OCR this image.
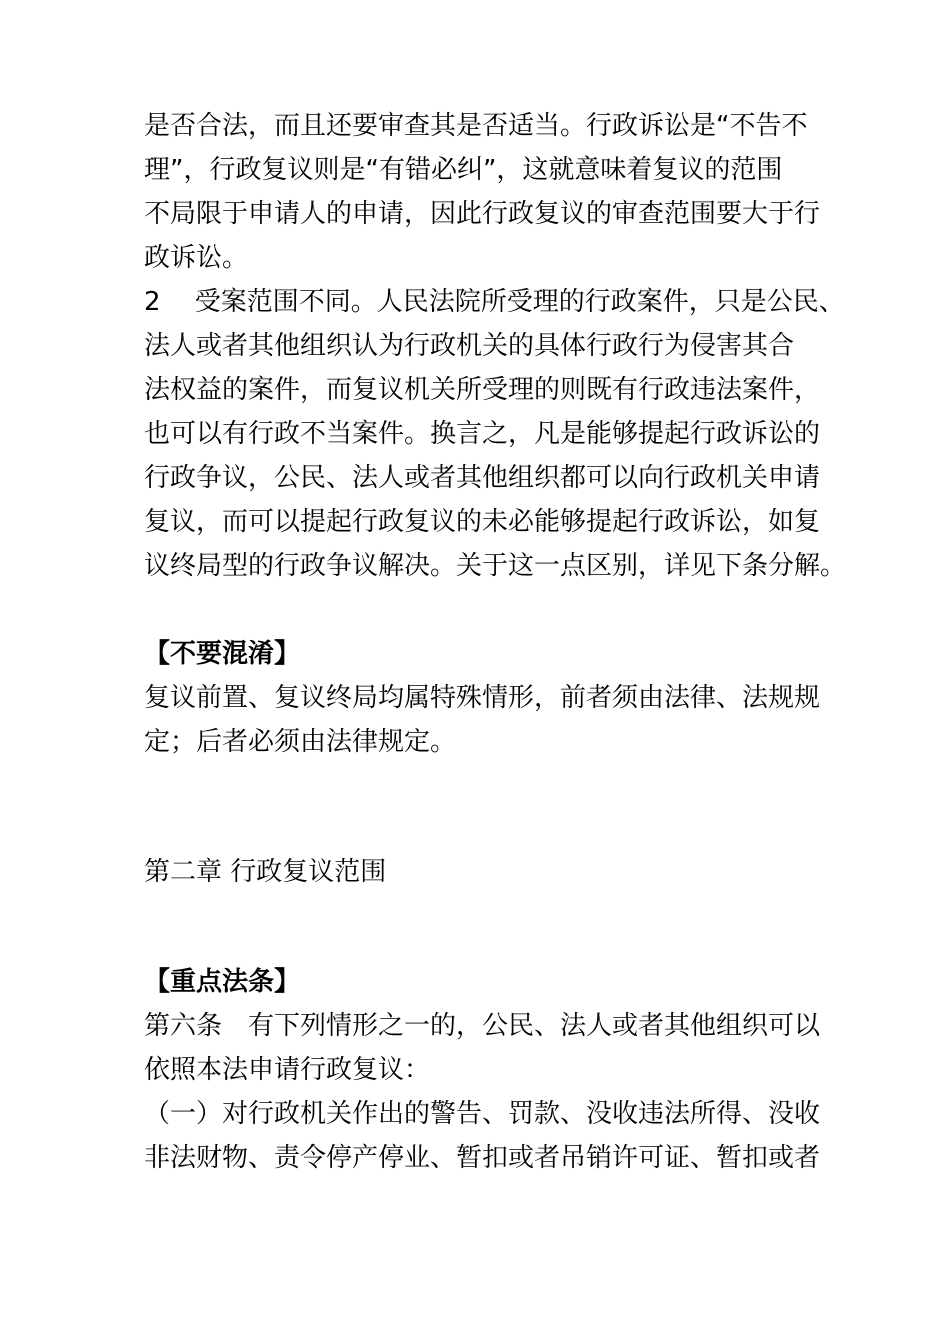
是否合法，而且还要审查其是否适当。行政诉讼是“不告不
理”，行政复议则是“有错必纠”，这就意味着复议的范围
不局限于申请人的申请，因此行政复议的审查范围要大于行
政诉讼。
2　 受案范围不同。人民法院所受理的行政案件，只是公民、
法人或者其他组织认为行政机关的具体行政行为侵害其合
法权益的案件，而复议机关所受理的则既有行政违法案件，
也可以有行政不当案件。换言之，凡是能够提起行政诉讼的
行政争议，公民、法人或者其他组织都可以向行政机关申请
复议，而可以提起行政复议的未必能够提起行政诉讼，如复
议终局型的行政争议解决。关于这一点区别，详见下条分解。
【不要混淆】
复议前置、复议终局均属特殊情形，前者须由法律、法规规
定；后者必须由法律规定。
第二章 行政复议范围
【重点法条】
第六条　有下列情形之一的，公民、法人或者其他组织可以
依照本法申请行政复议：
（一）对行政机关作出的警告、罚款、没收违法所得、没收
非法财物、责令停产停业、暂扣或者吊销许可证、暂扣或者
